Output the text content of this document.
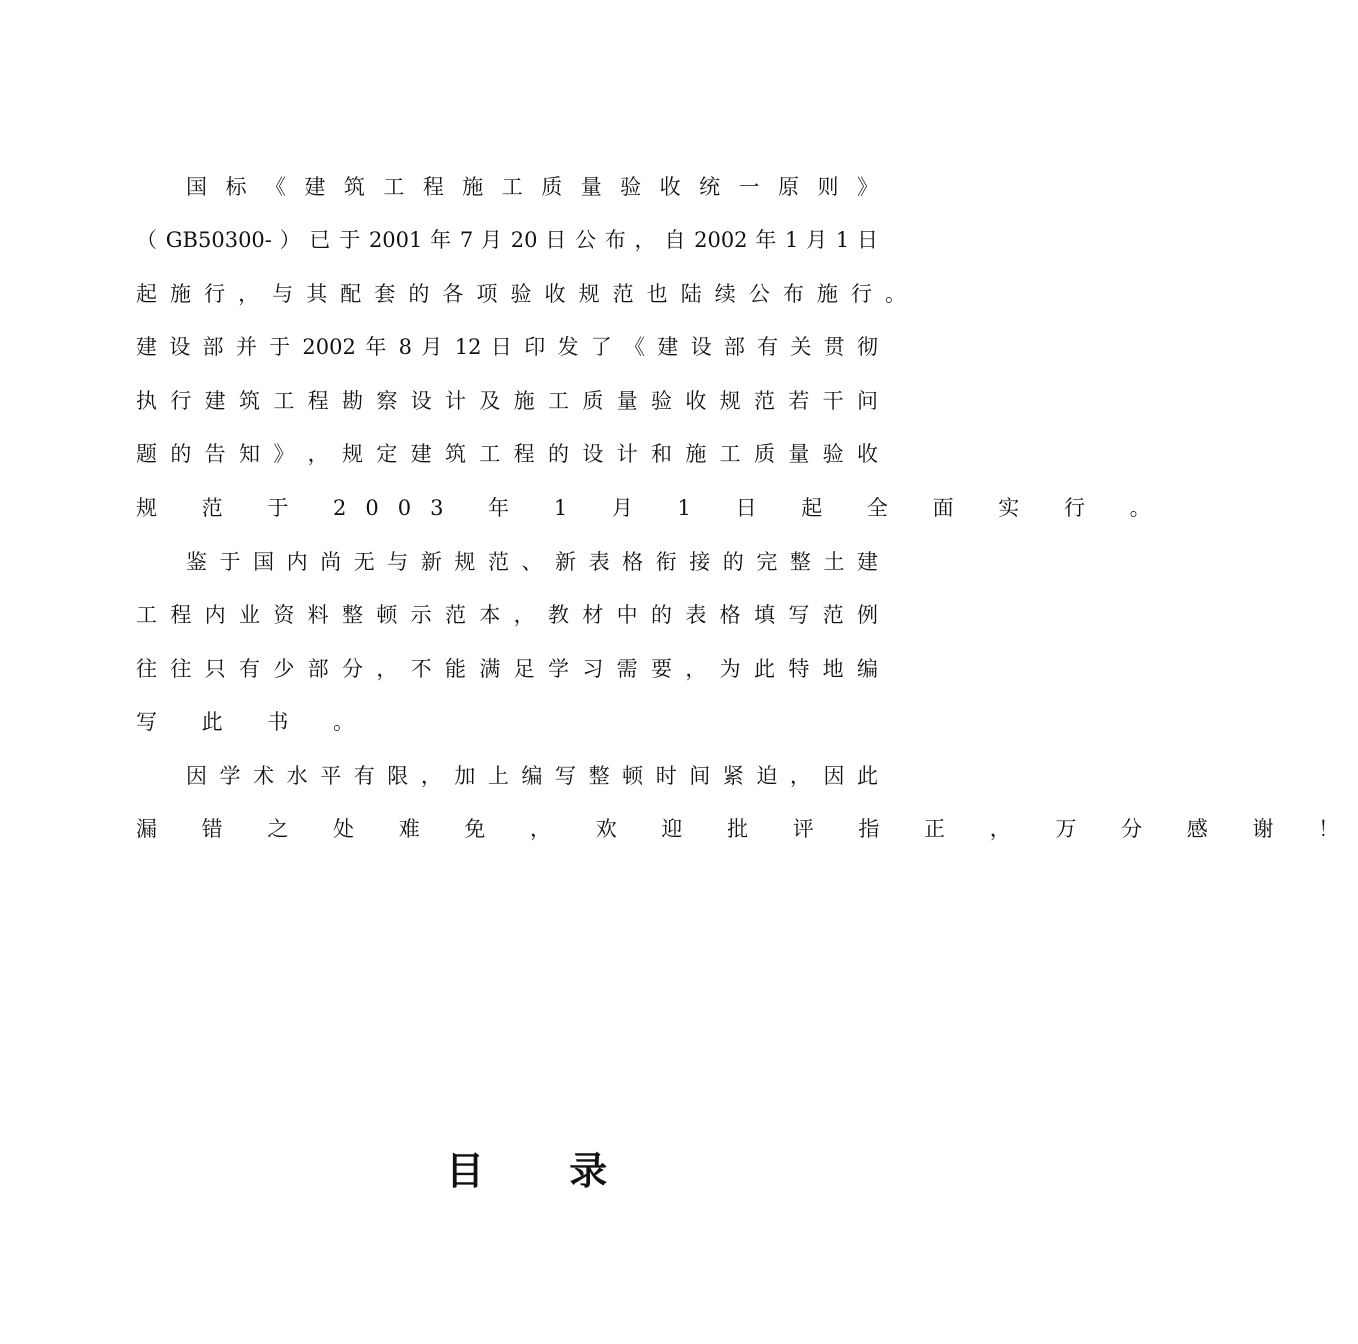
国 标 《 建 筑 工 程 施 工 质 量 验 收 统 一 原 则 》
（ GB50300- ） 已 于 2001 年 7 月 20 日 公 布 ， 自 2002 年 1 月 1 日
起 施 行 ， 与 其 配 套 的 各 项 验 收 规 范 也 陆 续 公 布 施 行 。
建 设 部 并 于 2002 年 8 月 12 日 印 发 了 《 建 设 部 有 关 贯 彻
执 行 建 筑 工 程 勘 察 设 计 及 施 工 质 量 验 收 规 范 若 干 问
题 的 告 知 》 ， 规 定 建 筑 工 程 的 设 计 和 施 工 质 量 验 收
规 范 于 2003 年 1 月 1 日 起 全 面 实 行 。
鉴 于 国 内 尚 无 与 新 规 范 、 新 表 格 衔 接 的 完 整 土 建
工 程 内 业 资 料 整 顿 示 范 本 ， 教 材 中 的 表 格 填 写 范 例
往 往 只 有 少 部 分 ， 不 能 满 足 学 习 需 要 ， 为 此 特 地 编
写 此 书 。
因 学 术 水 平 有 限 ， 加 上 编 写 整 顿 时 间 紧 迫 ， 因 此
漏 错 之 处 难 免 ， 欢 迎 批 评 指 正 ， 万 分 感 谢 ！
目 录
